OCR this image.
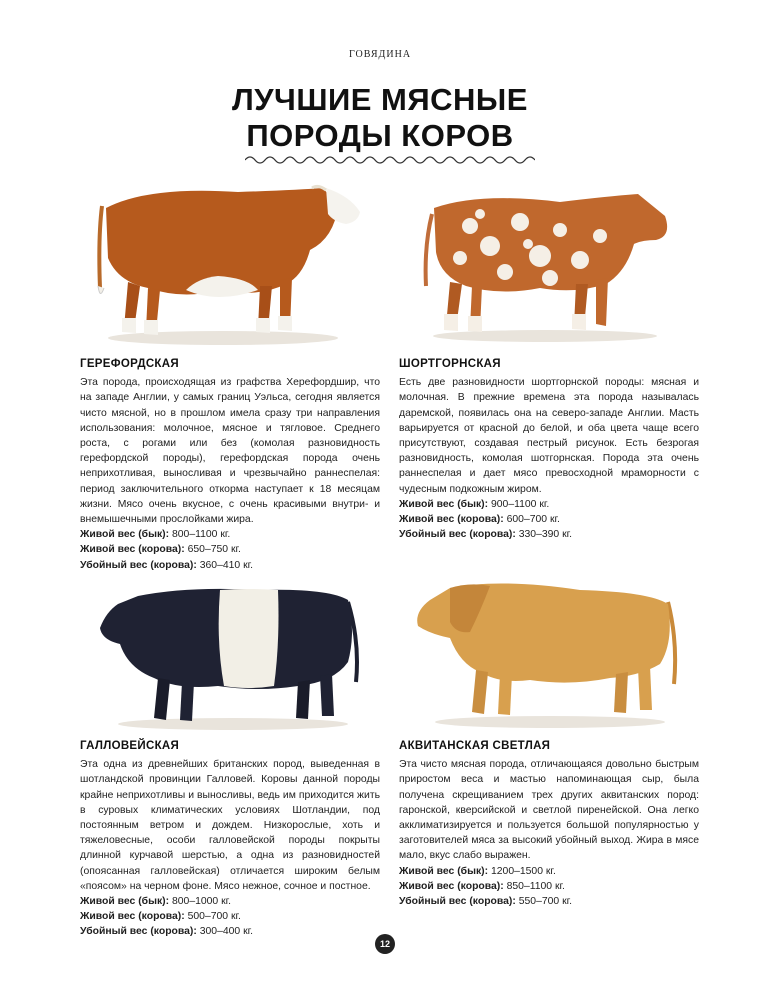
ГОВЯДИНА
ЛУЧШИЕ МЯСНЫЕ
ПОРОДЫ КОРОВ
ГЕРЕФОРДСКАЯ

Эта порода, происходящая из графства Херефордшир, что на западе Англии, у самых границ Уэльса, сегодня является чисто мясной, но в прошлом имела сразу три направления использования: молочное, мясное и тягловое. Среднего роста, с рогами или без (комолая разновидность герефордской породы), герефордская порода очень неприхотливая, выносливая и чрезвычайно раннеспелая: период заключительного откорма наступает к 18 месяцам жизни. Мясо очень вкусное, с очень красивыми внутри- и внемышечными прослойками жира.

Живой вес (бык): 800–1100 кг.
Живой вес (корова): 650–750 кг.
Убойный вес (корова): 360–410 кг.
ШОРТГОРНСКАЯ

Есть две разновидности шортгорнской породы: мясная и молочная. В прежние времена эта порода называлась даремской, появилась она на северо-западе Англии. Масть варьируется от красной до белой, и оба цвета чаще всего присутствуют, создавая пестрый рисунок. Есть безрогая разновидность, комолая шотгорнская. Порода эта очень раннеспелая и дает мясо превосходной мраморности с чудесным подкожным жиром.

Живой вес (бык): 900–1100 кг.
Живой вес (корова): 600–700 кг.
Убойный вес (корова): 330–390 кг.
ГАЛЛОВЕЙСКАЯ

Эта одна из древнейших британских пород, выведенная в шотландской провинции Галловей. Коровы данной породы крайне неприхотливы и выносливы, ведь им приходится жить в суровых климатических условиях Шотландии, под постоянным ветром и дождем. Низкорослые, хоть и тяжеловесные, особи галловейской породы покрыты длинной курчавой шерстью, а одна из разновидностей (опоясанная галловейская) отличается широким белым «поясом» на черном фоне. Мясо нежное, сочное и постное.

Живой вес (бык): 800–1000 кг.
Живой вес (корова): 500–700 кг.
Убойный вес (корова): 300–400 кг.
АКВИТАНСКАЯ СВЕТЛАЯ

Эта чисто мясная порода, отличающаяся довольно быстрым приростом веса и мастью напоминающая сыр, была получена скрещиванием трех других аквитанских пород: гаронской, кверсийской и светлой пиренейской. Она легко акклиматизируется и пользуется большой популярностью у заготовителей мяса за высокий убойный выход. Жира в мясе мало, вкус слабо выражен.

Живой вес (бык): 1200–1500 кг.
Живой вес (корова): 850–1100 кг.
Убойный вес (корова): 550–700 кг.
12
